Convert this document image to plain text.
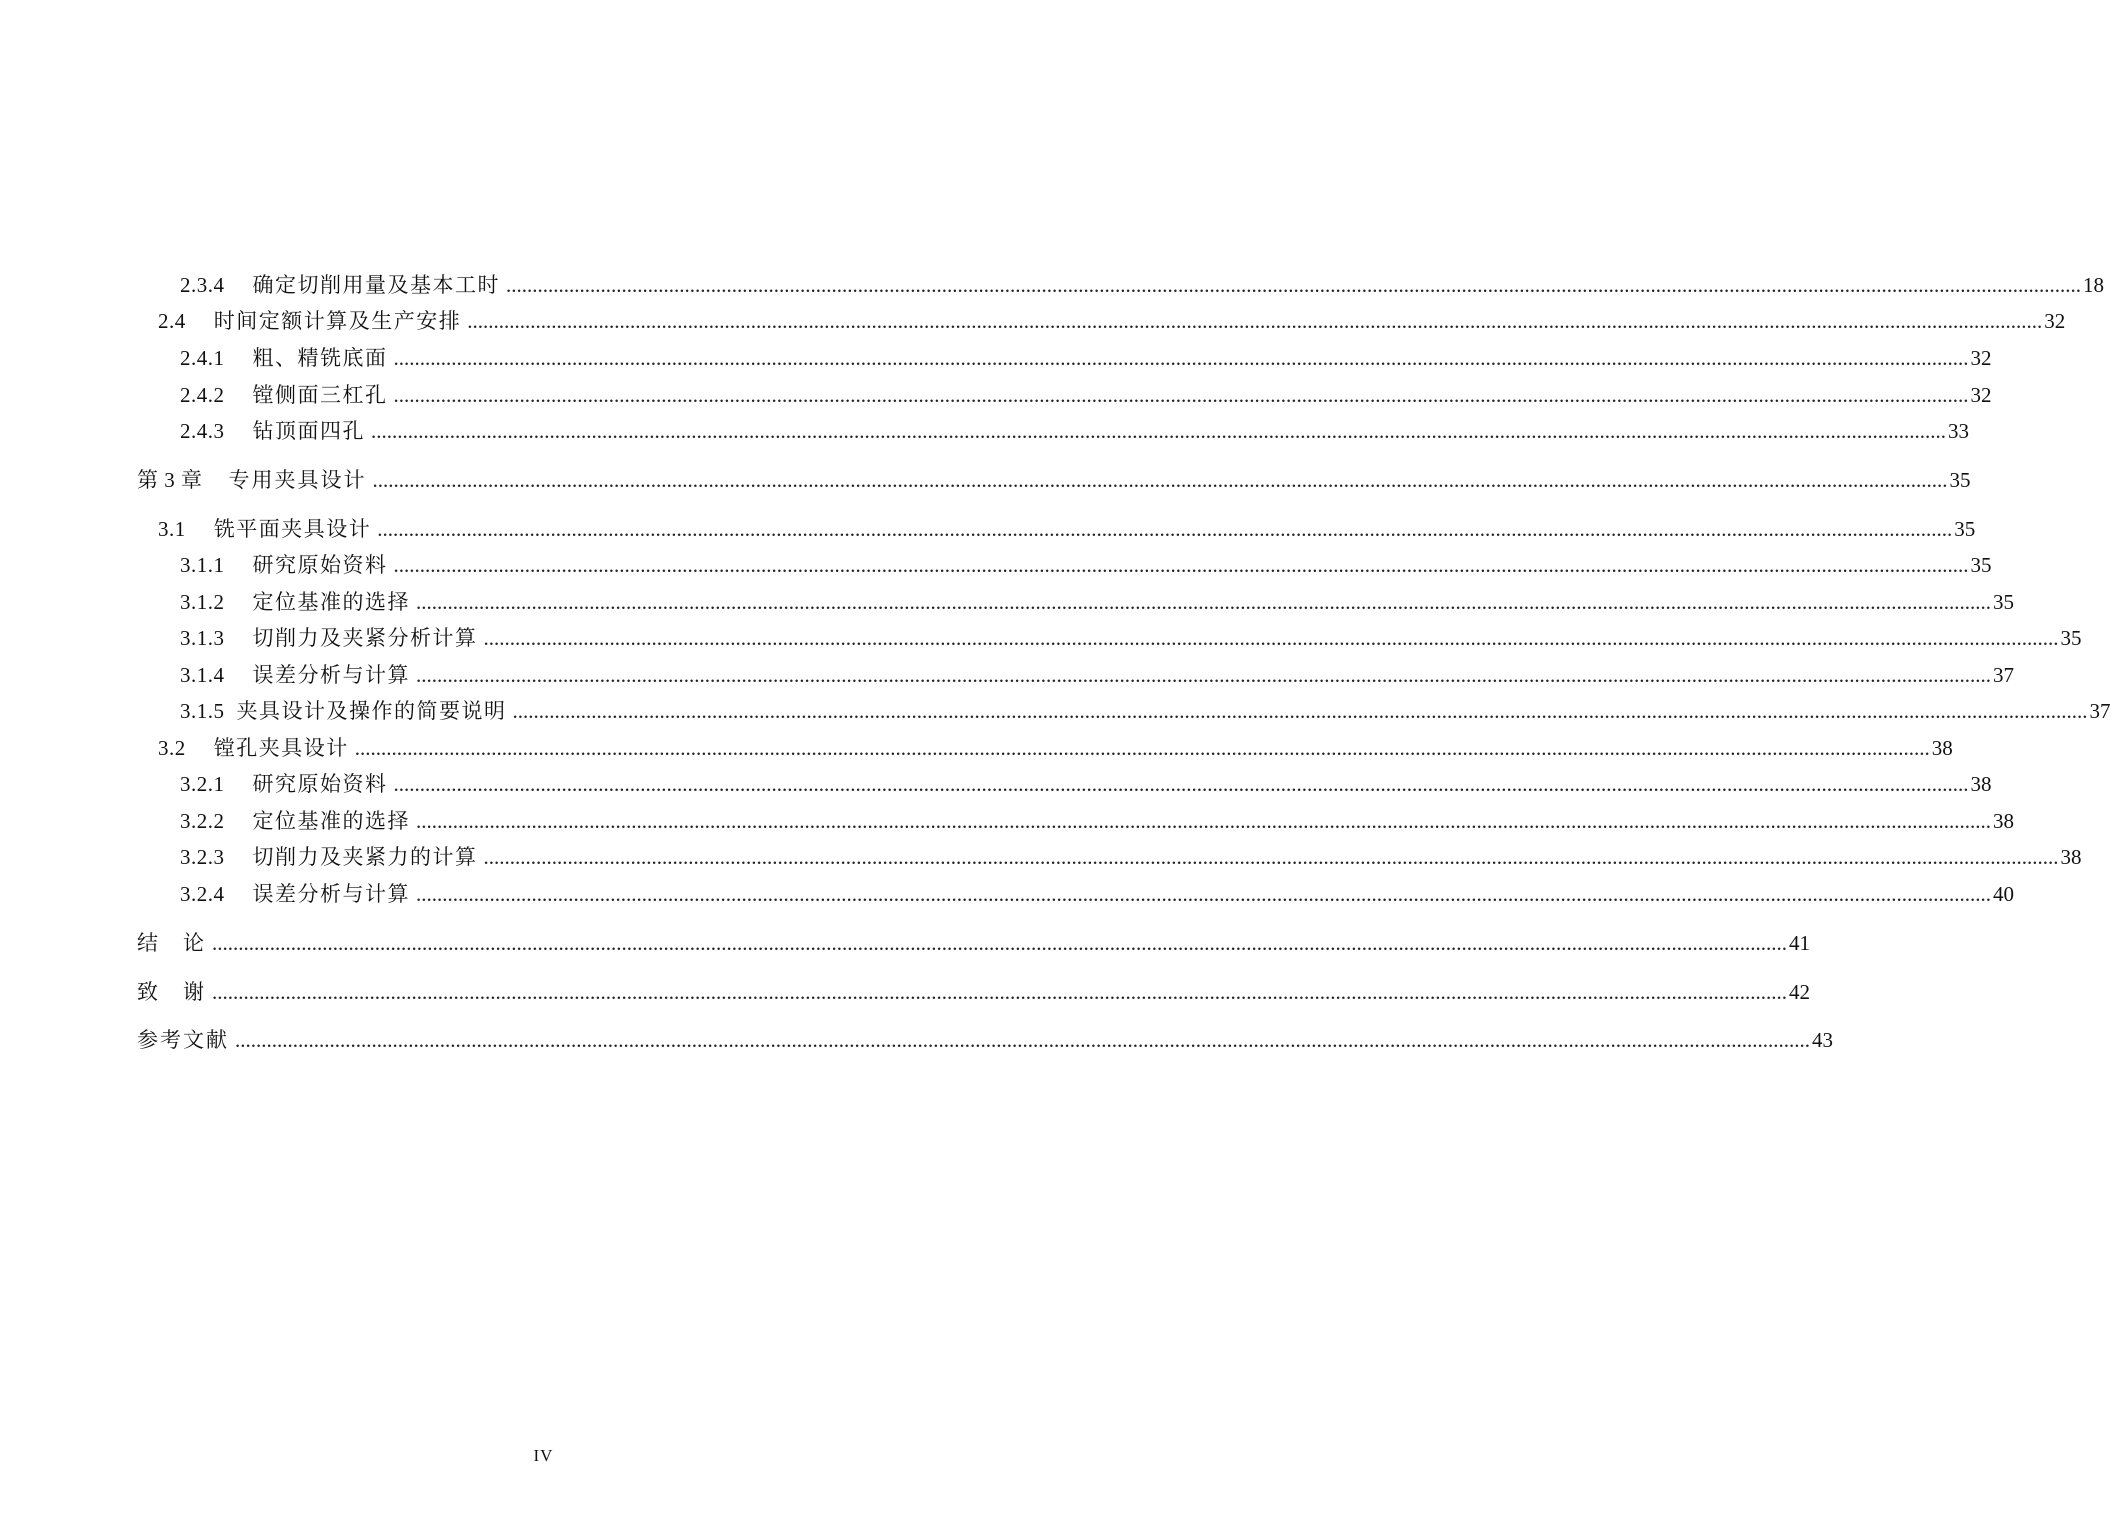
2.3.4 确定切削用量及基本工时 ............................................................................................................................................................................................................................................................................................................ 18
2.4 时间定额计算及生产安排 ............................................................................................................................................................................................................................................................................................................ 32
2.4.1 粗、精铣底面 ............................................................................................................................................................................................................................................................................................................ 32
2.4.2 镗侧面三杠孔 ............................................................................................................................................................................................................................................................................................................ 32
2.4.3 钻顶面四孔 ............................................................................................................................................................................................................................................................................................................ 33
第 3 章 专用夹具设计 ............................................................................................................................................................................................................................................................................................................ 35
3.1 铣平面夹具设计 ............................................................................................................................................................................................................................................................................................................ 35
3.1.1 研究原始资料 ............................................................................................................................................................................................................................................................................................................ 35
3.1.2 定位基准的选择 ............................................................................................................................................................................................................................................................................................................ 35
3.1.3 切削力及夹紧分析计算 ............................................................................................................................................................................................................................................................................................................ 35
3.1.4 误差分析与计算 ............................................................................................................................................................................................................................................................................................................ 37
3.1.5 夹具设计及操作的简要说明 ............................................................................................................................................................................................................................................................................................................ 37
3.2 镗孔夹具设计 ............................................................................................................................................................................................................................................................................................................ 38
3.2.1 研究原始资料 ............................................................................................................................................................................................................................................................................................................ 38
3.2.2 定位基准的选择 ............................................................................................................................................................................................................................................................................................................ 38
3.2.3 切削力及夹紧力的计算 ............................................................................................................................................................................................................................................................................................................ 38
3.2.4 误差分析与计算 ............................................................................................................................................................................................................................................................................................................ 40
结　论 ............................................................................................................................................................................................................................................................................................................ 41
致　谢 ............................................................................................................................................................................................................................................................................................................ 42
参考文献 ............................................................................................................................................................................................................................................................................................................ 43
IV
